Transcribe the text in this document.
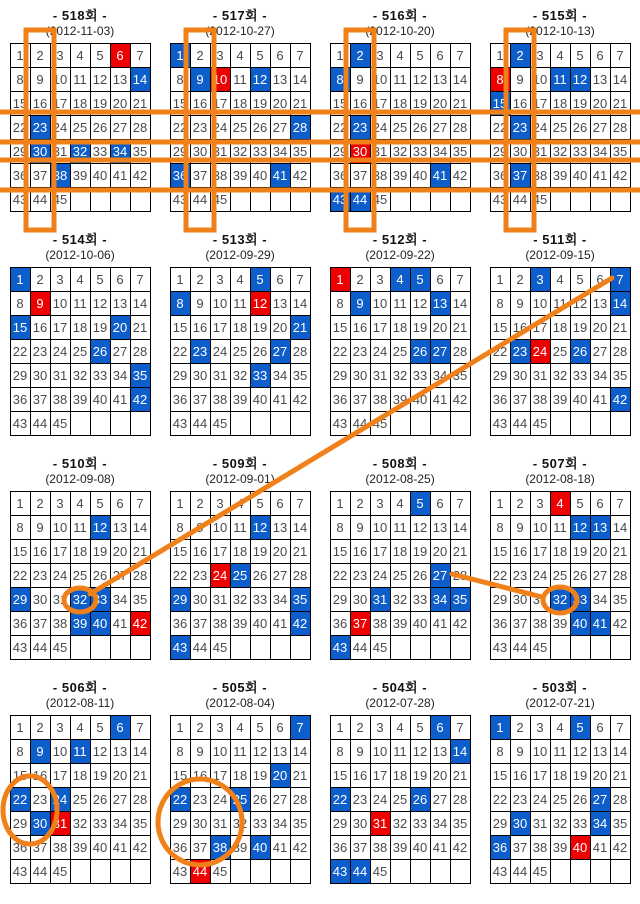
- 518회 -
(2012-11-03)
1 2 3 4 5 6 7
8 9 10 11 12 13 14
15 16 17 18 19 20 21
22 23 24 25 26 27 28
29 30 31 32 33 34 35
36 37 38 39 40 41 42
43 44 45
- 517회 -
(2012-10-27)
1 2 3 4 5 6 7
8 9 10 11 12 13 14
15 16 17 18 19 20 21
22 23 24 25 26 27 28
29 30 31 32 33 34 35
36 37 38 39 40 41 42
43 44 45
- 516회 -
(2012-10-20)
1 2 3 4 5 6 7
8 9 10 11 12 13 14
15 16 17 18 19 20 21
22 23 24 25 26 27 28
29 30 31 32 33 34 35
36 37 38 39 40 41 42
43 44 45
- 515회 -
(2012-10-13)
1 2 3 4 5 6 7
8 9 10 11 12 13 14
15 16 17 18 19 20 21
22 23 24 25 26 27 28
29 30 31 32 33 34 35
36 37 38 39 40 41 42
43 44 45
- 514회 -
(2012-10-06)
1 2 3 4 5 6 7
8 9 10 11 12 13 14
15 16 17 18 19 20 21
22 23 24 25 26 27 28
29 30 31 32 33 34 35
36 37 38 39 40 41 42
43 44 45
- 513회 -
(2012-09-29)
1 2 3 4 5 6 7
8 9 10 11 12 13 14
15 16 17 18 19 20 21
22 23 24 25 26 27 28
29 30 31 32 33 34 35
36 37 38 39 40 41 42
43 44 45
- 512회 -
(2012-09-22)
1 2 3 4 5 6 7
8 9 10 11 12 13 14
15 16 17 18 19 20 21
22 23 24 25 26 27 28
29 30 31 32 33 34 35
36 37 38 39 40 41 42
43 44 45
- 511회 -
(2012-09-15)
1 2 3 4 5 6 7
8 9 10 11 12 13 14
15 16 17 18 19 20 21
22 23 24 25 26 27 28
29 30 31 32 33 34 35
36 37 38 39 40 41 42
43 44 45
- 510회 -
(2012-09-08)
1 2 3 4 5 6 7
8 9 10 11 12 13 14
15 16 17 18 19 20 21
22 23 24 25 26 27 28
29 30 31 32 33 34 35
36 37 38 39 40 41 42
43 44 45
- 509회 -
(2012-09-01)
1 2 3 4 5 6 7
8 9 10 11 12 13 14
15 16 17 18 19 20 21
22 23 24 25 26 27 28
29 30 31 32 33 34 35
36 37 38 39 40 41 42
43 44 45
- 508회 -
(2012-08-25)
1 2 3 4 5 6 7
8 9 10 11 12 13 14
15 16 17 18 19 20 21
22 23 24 25 26 27 28
29 30 31 32 33 34 35
36 37 38 39 40 41 42
43 44 45
- 507회 -
(2012-08-18)
1 2 3 4 5 6 7
8 9 10 11 12 13 14
15 16 17 18 19 20 21
22 23 24 25 26 27 28
29 30 31 32 33 34 35
36 37 38 39 40 41 42
43 44 45
- 506회 -
(2012-08-11)
1 2 3 4 5 6 7
8 9 10 11 12 13 14
15 16 17 18 19 20 21
22 23 24 25 26 27 28
29 30 31 32 33 34 35
36 37 38 39 40 41 42
43 44 45
- 505회 -
(2012-08-04)
1 2 3 4 5 6 7
8 9 10 11 12 13 14
15 16 17 18 19 20 21
22 23 24 25 26 27 28
29 30 31 32 33 34 35
36 37 38 39 40 41 42
43 44 45
- 504회 -
(2012-07-28)
1 2 3 4 5 6 7
8 9 10 11 12 13 14
15 16 17 18 19 20 21
22 23 24 25 26 27 28
29 30 31 32 33 34 35
36 37 38 39 40 41 42
43 44 45
- 503회 -
(2012-07-21)
1 2 3 4 5 6 7
8 9 10 11 12 13 14
15 16 17 18 19 20 21
22 23 24 25 26 27 28
29 30 31 32 33 34 35
36 37 38 39 40 41 42
43 44 45
